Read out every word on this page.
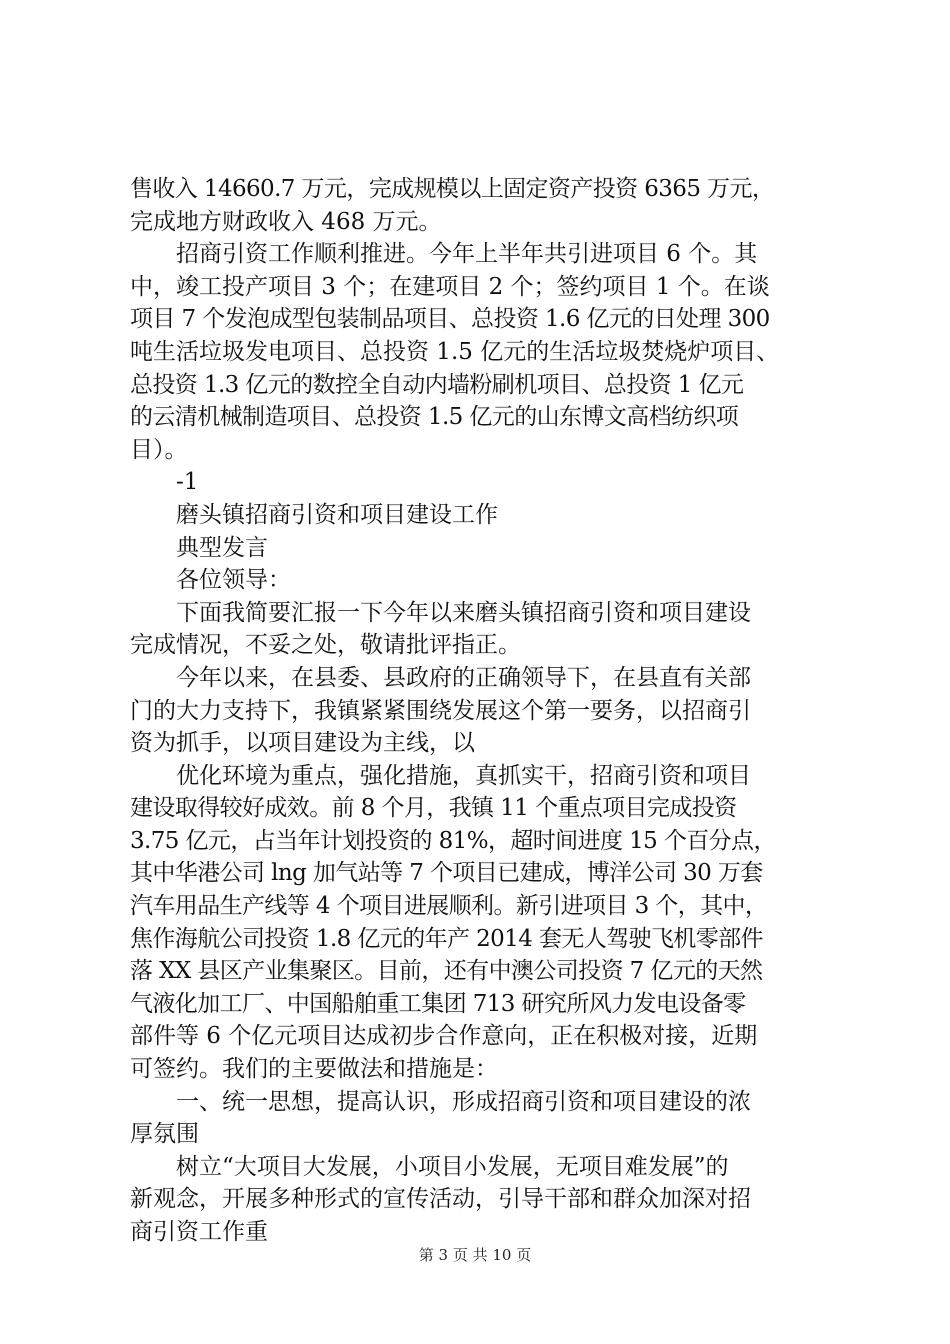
售收入 14660.7 万元，完成规模以上固定资产投资 6365 万元，
完成地方财政收入 468 万元。
　　招商引资工作顺利推进。今年上半年共引进项目 6 个。其
中，竣工投产项目 3 个；在建项目 2 个；签约项目 1 个。在谈
项目 7 个发泡成型包装制品项目、总投资 1.6 亿元的日处理 300
吨生活垃圾发电项目、总投资 1.5 亿元的生活垃圾焚烧炉项目、
总投资 1.3 亿元的数控全自动内墙粉刷机项目、总投资 1 亿元
的云清机械制造项目、总投资 1.5 亿元的山东博文高档纺织项
目）。
　　-1
　　磨头镇招商引资和项目建设工作
　　典型发言
　　各位领导：
　　下面我简要汇报一下今年以来磨头镇招商引资和项目建设
完成情况，不妥之处，敬请批评指正。
　　今年以来，在县委、县政府的正确领导下，在县直有关部
门的大力支持下，我镇紧紧围绕发展这个第一要务，以招商引
资为抓手，以项目建设为主线，以
　　优化环境为重点，强化措施，真抓实干，招商引资和项目
建设取得较好成效。前 8 个月，我镇 11 个重点项目完成投资
3.75 亿元，占当年计划投资的 81%，超时间进度 15 个百分点，
其中华港公司 lng 加气站等 7 个项目已建成，博洋公司 30 万套
汽车用品生产线等 4 个项目进展顺利。新引进项目 3 个，其中，
焦作海航公司投资 1.8 亿元的年产 2014 套无人驾驶飞机零部件
落 XX 县区产业集聚区。目前，还有中澳公司投资 7 亿元的天然
气液化加工厂、中国船舶重工集团 713 研究所风力发电设备零
部件等 6 个亿元项目达成初步合作意向，正在积极对接，近期
可签约。我们的主要做法和措施是：
　　一、统一思想，提高认识，形成招商引资和项目建设的浓
厚氛围
　　树立“大项目大发展，小项目小发展，无项目难发展”的
新观念，开展多种形式的宣传活动，引导干部和群众加深对招
商引资工作重
第 3 页 共 10 页
